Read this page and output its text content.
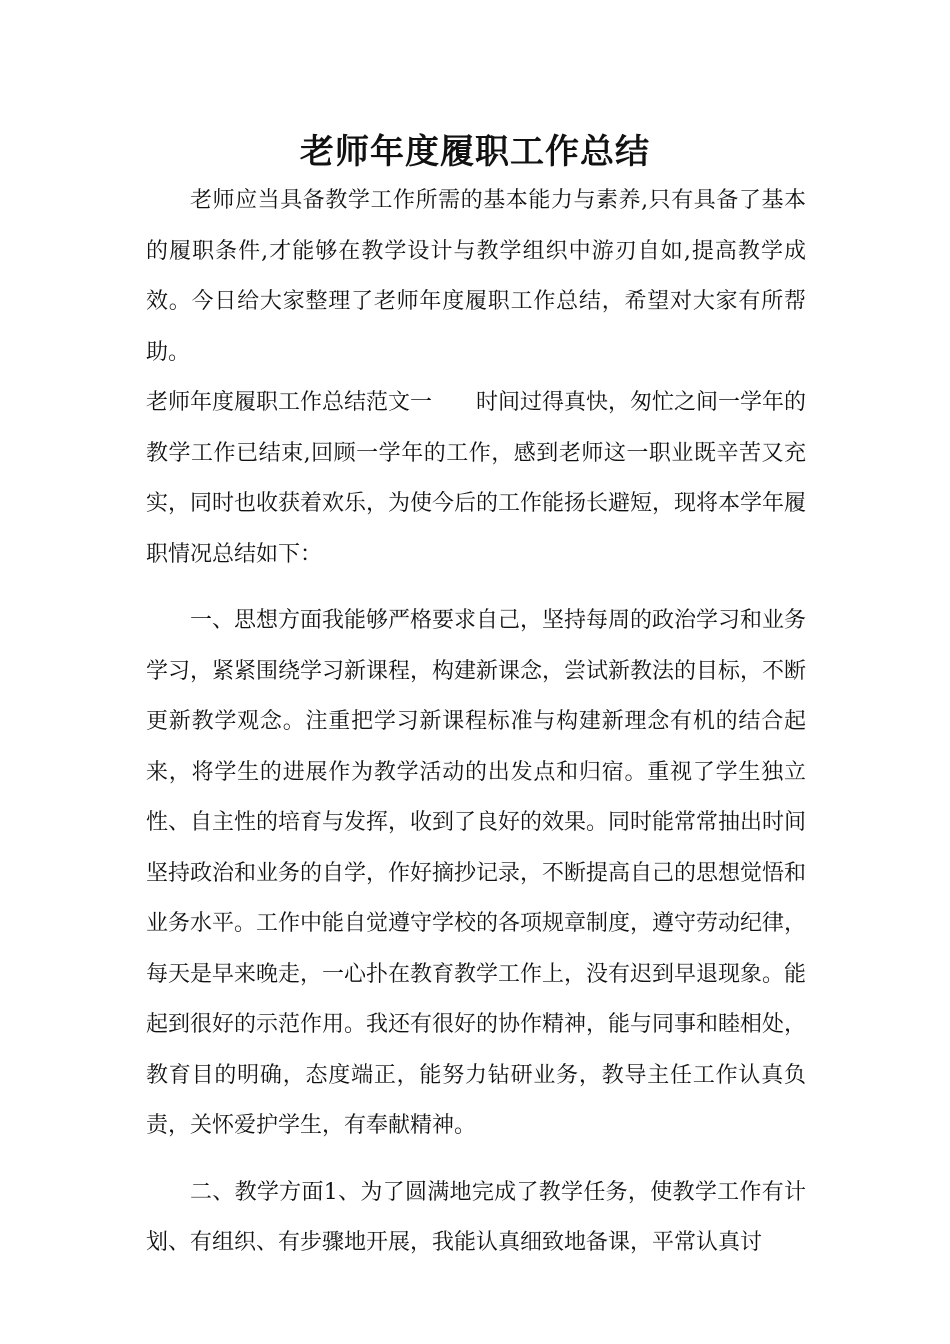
老师年度履职工作总结

老师应当具备教学工作所需的基本能力与素养,只有具备了基本的履职条件,才能够在教学设计与教学组织中游刃自如,提高教学成效。今日给大家整理了老师年度履职工作总结，希望对大家有所帮助。

老师年度履职工作总结范文一　　时间过得真快，匆忙之间一学年的教学工作已结束,回顾一学年的工作，感到老师这一职业既辛苦又充实，同时也收获着欢乐，为使今后的工作能扬长避短，现将本学年履职情况总结如下：

一、思想方面我能够严格要求自己，坚持每周的政治学习和业务学习，紧紧围绕学习新课程，构建新课念，尝试新教法的目标，不断更新教学观念。注重把学习新课程标准与构建新理念有机的结合起来，将学生的进展作为教学活动的出发点和归宿。重视了学生独立性、自主性的培育与发挥，收到了良好的效果。同时能常常抽出时间坚持政治和业务的自学，作好摘抄记录，不断提高自己的思想觉悟和业务水平。工作中能自觉遵守学校的各项规章制度，遵守劳动纪律，每天是早来晚走，一心扑在教育教学工作上，没有迟到早退现象。能起到很好的示范作用。我还有很好的协作精神，能与同事和睦相处，教育目的明确，态度端正，能努力钻研业务，教导主任工作认真负责，关怀爱护学生，有奉献精神。

二、教学方面1、为了圆满地完成了教学任务，使教学工作有计划、有组织、有步骤地开展，我能认真细致地备课，平常认真讨
